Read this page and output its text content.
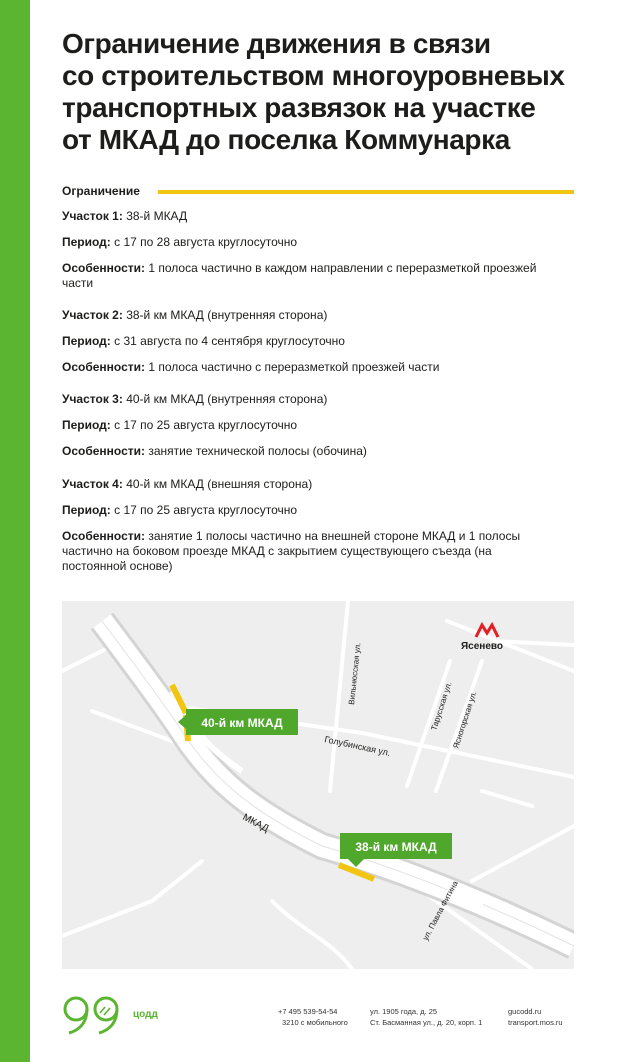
Ограничение движения в связи
со строительством многоуровневых
транспортных развязок на участке
от МКАД до поселка Коммунарка
Ограничение
Участок 1: 38-й МКАД
Период: с 17 по 28 августа круглосуточно
Особенности: 1 полоса частично в каждом направлении с переразметкой проезжей части
Участок 2: 38-й км МКАД (внутренняя сторона)
Период: с 31 августа по 4 сентября круглосуточно
Особенности: 1 полоса частично с переразметкой проезжей части
Участок 3: 40-й км МКАД (внутренняя сторона)
Период: с 17 по 25 августа круглосуточно
Особенности: занятие технической полосы (обочина)
Участок 4: 40-й км МКАД (внешняя сторона)
Период: с 17 по 25 августа круглосуточно
Особенности: занятие 1 полосы частично на внешней стороне МКАД и 1 полосы частично на боковом проезде МКАД с закрытием существующего съезда (на постоянной основе)
40-й км МКАД
38-й км МКАД
Ясенево
МКАД
Голубинская ул.
Вильнюсская ул.
Тарусская ул.
Ясногорская ул.
ул. Павла Фитина
цодд	+7 495 539-54-54
3210 с мобильного
ул. 1905 года, д. 25
Ст. Басманная ул., д. 20, корп. 1
gucodd.ru
transport.mos.ru
